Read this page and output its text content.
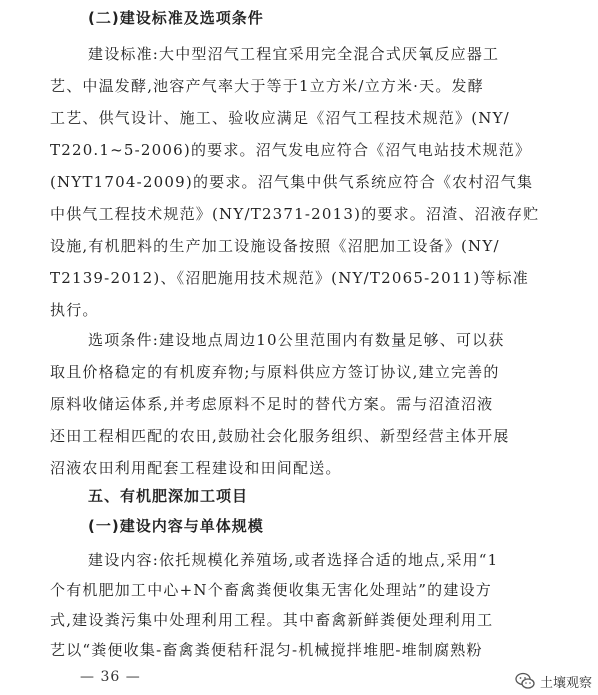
(二)建设标准及选项条件
建设标准:大中型沼气工程宜采用完全混合式厌氧反应器工
艺、中温发酵,池容产气率大于等于1立方米/立方米·天。发酵
工艺、供气设计、施工、验收应满足《沼气工程技术规范》(NY/
T220.1~5-2006)的要求。沼气发电应符合《沼气电站技术规范》
(NYT1704-2009)的要求。沼气集中供气系统应符合《农村沼气集
中供气工程技术规范》(NY/T2371-2013)的要求。沼渣、沼液存贮
设施,有机肥料的生产加工设施设备按照《沼肥加工设备》(NY/
T2139-2012)、《沼肥施用技术规范》(NY/T2065-2011)等标准
执行。
选项条件:建设地点周边10公里范围内有数量足够、可以获
取且价格稳定的有机废弃物;与原料供应方签订协议,建立完善的
原料收储运体系,并考虑原料不足时的替代方案。需与沼渣沼液
还田工程相匹配的农田,鼓励社会化服务组织、新型经营主体开展
沼液农田利用配套工程建设和田间配送。
五、有机肥深加工项目
(一)建设内容与单体规模
建设内容:依托规模化养殖场,或者选择合适的地点,采用“1
个有机肥加工中心+N个畜禽粪便收集无害化处理站”的建设方
式,建设粪污集中处理利用工程。其中畜禽新鲜粪便处理利用工
艺以“粪便收集-畜禽粪便秸秆混匀-机械搅拌堆肥-堆制腐熟粉
— 36 —	土壤观察
